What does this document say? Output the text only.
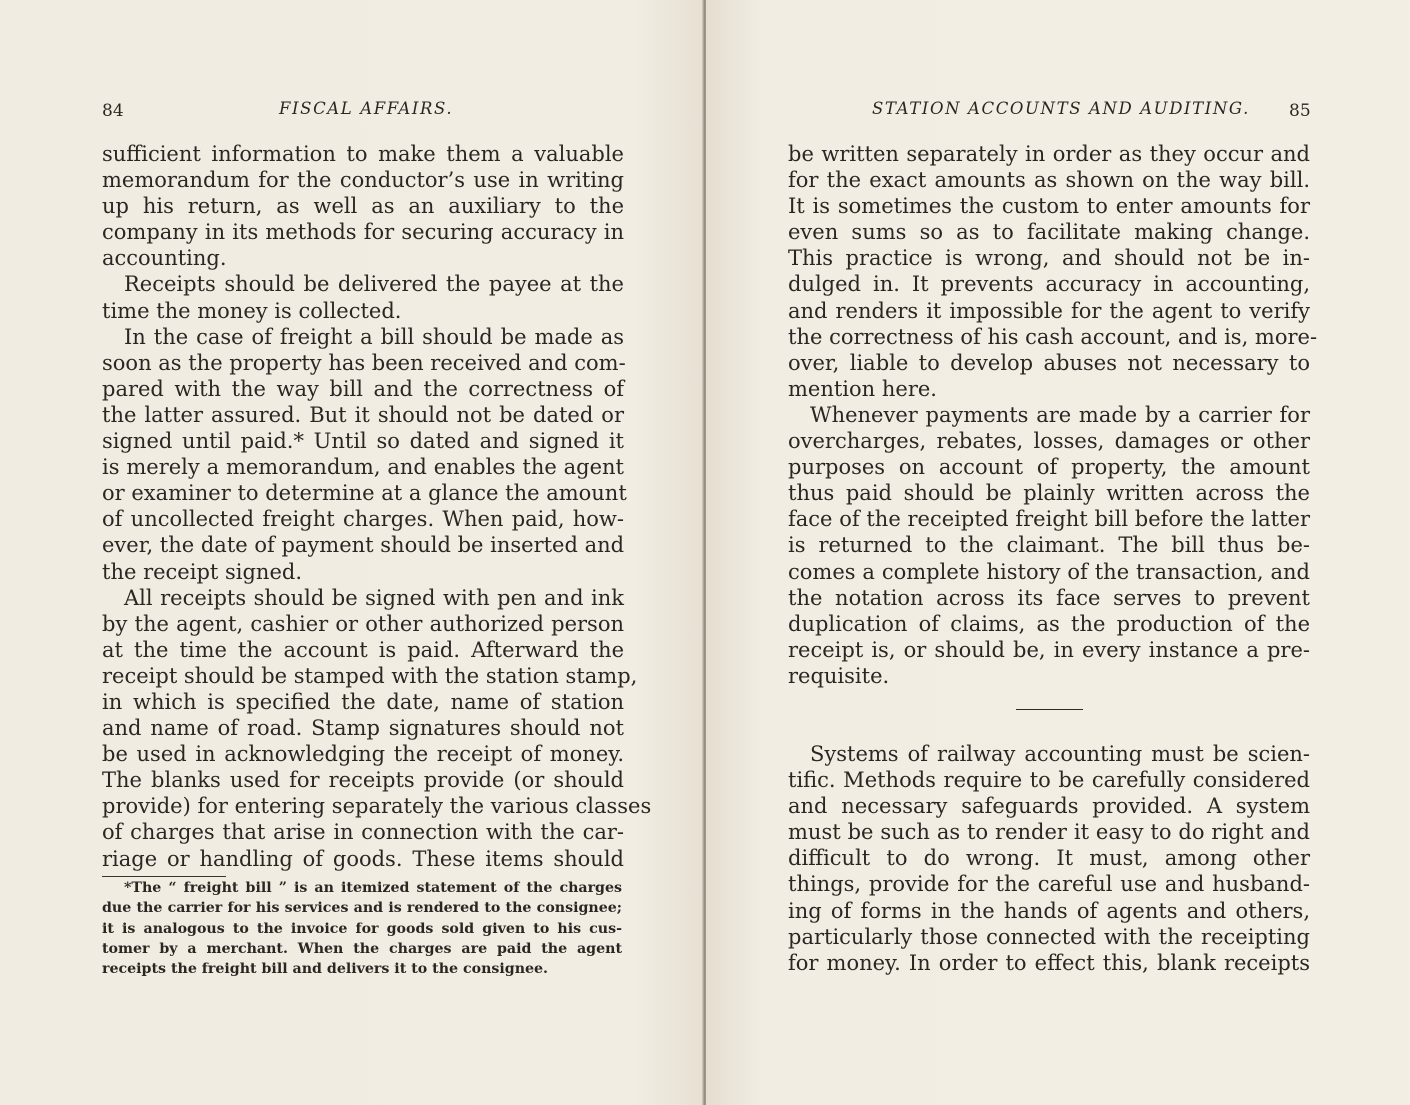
84	FISCAL AFFAIRS.
sufficient information to make them a valuable
memorandum for the conductor’s use in writing
up his return, as well as an auxiliary to the
company in its methods for securing accuracy in
accounting.
Receipts should be delivered the payee at the
time the money is collected.
In the case of freight a bill should be made as
soon as the property has been received and com-
pared with the way bill and the correctness of
the latter assured. But it should not be dated or
signed until paid.* Until so dated and signed it
is merely a memorandum, and enables the agent
or examiner to determine at a glance the amount
of uncollected freight charges. When paid, how-
ever, the date of payment should be inserted and
the receipt signed.
All receipts should be signed with pen and ink
by the agent, cashier or other authorized person
at the time the account is paid. Afterward the
receipt should be stamped with the station stamp,
in which is specified the date, name of station
and name of road. Stamp signatures should not
be used in acknowledging the receipt of money.
The blanks used for receipts provide (or should
provide) for entering separately the various classes
of charges that arise in connection with the car-
riage or handling of goods. These items should
*The “ freight bill ” is an itemized statement of the charges
due the carrier for his services and is rendered to the consignee;
it is analogous to the invoice for goods sold given to his cus-
tomer by a merchant. When the charges are paid the agent
receipts the freight bill and delivers it to the consignee.
STATION ACCOUNTS AND AUDITING. 85
be written separately in order as they occur and
for the exact amounts as shown on the way bill.
It is sometimes the custom to enter amounts for
even sums so as to facilitate making change.
This practice is wrong, and should not be in-
dulged in. It prevents accuracy in accounting,
and renders it impossible for the agent to verify
the correctness of his cash account, and is, more-
over, liable to develop abuses not necessary to
mention here.
Whenever payments are made by a carrier for
overcharges, rebates, losses, damages or other
purposes on account of property, the amount
thus paid should be plainly written across the
face of the receipted freight bill before the latter
is returned to the claimant. The bill thus be-
comes a complete history of the transaction, and
the notation across its face serves to prevent
duplication of claims, as the production of the
receipt is, or should be, in every instance a pre-
requisite.
Systems of railway accounting must be scien-
tific. Methods require to be carefully considered
and necessary safeguards provided. A system
must be such as to render it easy to do right and
difficult to do wrong. It must, among other
things, provide for the careful use and husband-
ing of forms in the hands of agents and others,
particularly those connected with the receipting
for money. In order to effect this, blank receipts
